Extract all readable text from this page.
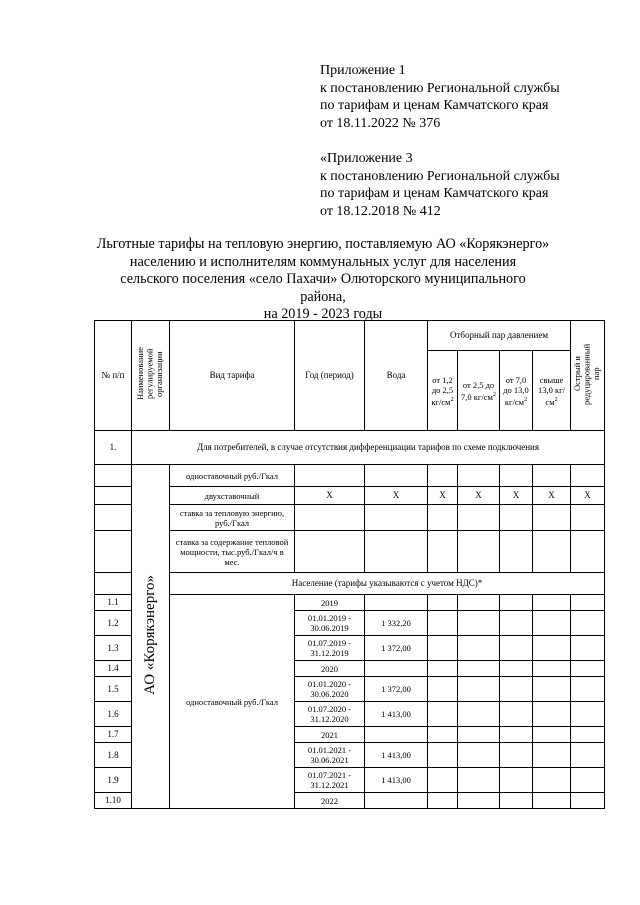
Приложение 1
к постановлению Региональной службы
по тарифам и ценам Камчатского края
от 18.11.2022 № 376
«Приложение 3
к постановлению Региональной службы
по тарифам и ценам Камчатского края
от 18.12.2018 № 412
Льготные тарифы на тепловую энергию, поставляемую АО «Корякэнерго»
населению и исполнителям коммунальных услуг для населения
сельского поселения «село Пахачи» Олюторского муниципального района,
на 2019 - 2023 годы
№ п/п	Наименование регулируемой организации	Вид тарифа	Год (период)	Вода	Отборный пар давлением				Острый и редуцированный пар
					от 1,2 до 2,5 $кг/см^2$	от 2,5 до 7,0 $кг/см^2$	от 7,0 до 13,0 $кг/см^2$	свыше 13,0 $кг/см^2$
1.	Для потребителей, в случае отсутствия дифференциации тарифов по схеме подключения								
	АО «Корякэнерго»	одноставочный руб./Гкал							
		двухставочный	X	X	X	X	X	X	X
		ставка за тепловую энергию, руб./Гкал							
		ставка за содержание тепловой мощности, тыс.руб./Гкал/ч в мес.							
		Население (тарифы указываются с учетом НДС)*							
1.1		одноставочный руб./Гкал	2019						
1.2			01.01.2019 - 30.06.2019	1 332,20					
1.3			01.07.2019 - 31.12.2019	1 372,00					
1.4			2020						
1.5			01.01.2020 - 30.06.2020	1 372,00					
1.6			01.07.2020 - 31.12.2020	1 413,00					
1.7			2021						
1.8			01.01.2021 - 30.06.2021	1 413,00					
1.9			01.07.2021 - 31.12.2021	1 413,00					
1.10			2022						
